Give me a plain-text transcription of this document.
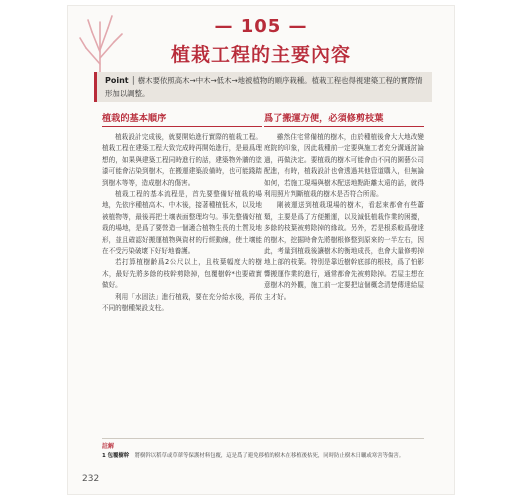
— 105 —
植栽工程的主要內容
Point │ 樹木要依照高木→中木→低木→地被植物的順序栽種。植栽工程也得視建築工程的實際情形加以調整。
植栽的基本順序

植栽設計完成後，就要開始進行實際的植栽工程。植栽工程在建築工程大致完成時再開始進行，是最爲理想的，如果與建築工程同時進行的話，建築物外牆的塗漆可能會沾染到樹木，在搬運建築設備時，也可能踐踏到樹木等等，造成樹木的傷害。

植栽工程的基本流程是，首先要整備好植栽的場地，先依序種植高木、中木後，接著種植低木，以及地被植物等，最後再把土壤表面整理均勻。事先整備好植栽的場地，是爲了要營造一個適合植物生長的土質及地形，並且確認好搬運植物與資材的行經動線，使土壤能在不受污染破壞下好好地養護。

若打算植樹齡爲2公尺以上，且枝葉幅度大的樹木，最好先將多餘的枝幹剪除掉，包覆樹幹*也要確實做好。

利用「水固法」進行植栽，要在充分給水後，再依不同的樹種架設支柱。

爲了搬運方便，必須修剪枝葉

雖然住宅常備植的樹木，由於種植後會大大地改變庭院的印象，因此栽種前一定要與施工者充分溝通討論過，再做決定。要植栽的樹木可能會由不同的園藝公司配進，有時，植栽設計也會透過其他管道購入，但無論如何，若施工現場與樹木配送地點距離太遠的話，就得利用照片判斷植栽的樹木是否符合所需。

剛被運送到植栽現場的樹木，看起來都會有些蕭頹，主要是爲了方便搬運，以及減低植栽作業的困擾，多餘的枝葉被剪除掉的緣故。另外，若是根系較爲發達的樹木，挖掘時會先將樹根修整到原來的一半左右，因此，考量到植栽後讓樹木的衡地成長，也會大量修剪掉地上部的枝葉。特別是靠近樹幹底部的根枝，爲了怕影響搬運作業的進行，通常都會先被剪除掉。若屋主想在意樹木的外觀，施工前一定要把這個概念清楚傳達給屋主才好。

註解
1 包覆樹幹　 將樹幹以稻草或草蓆等保護材料包覆，這是爲了避免移植的樹木在移植後枯死，同時防止樹木日曬或寒害等傷害。
232
